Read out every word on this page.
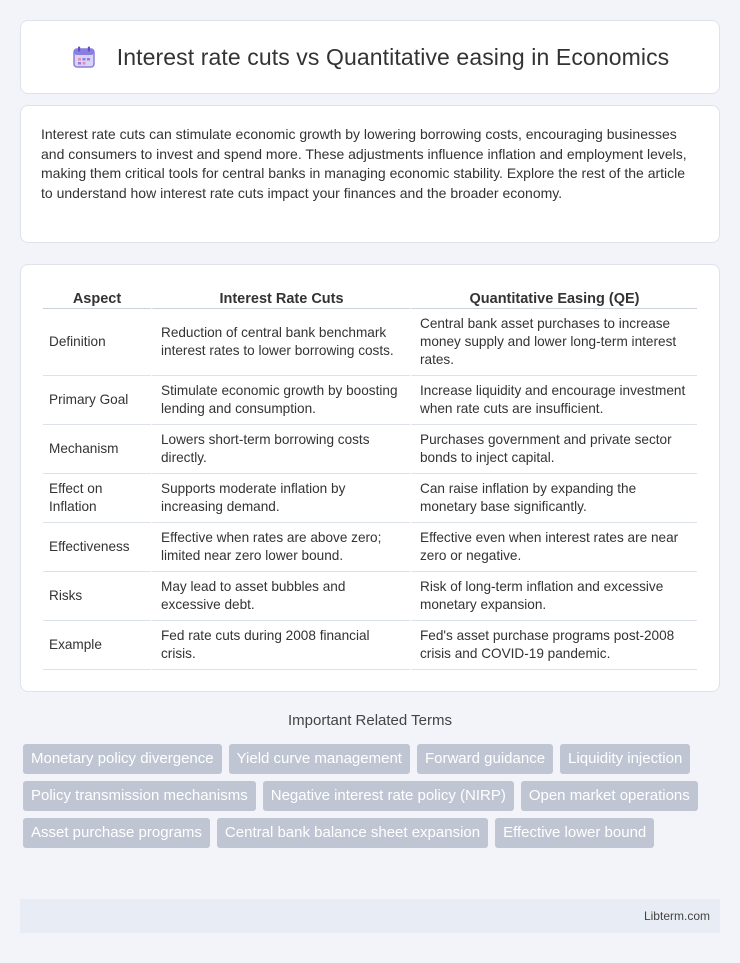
Interest rate cuts vs Quantitative easing in Economics

Interest rate cuts can stimulate economic growth by lowering borrowing costs, encouraging businesses and consumers to invest and spend more. These adjustments influence inflation and employment levels, making them critical tools for central banks in managing economic stability. Explore the rest of the article to understand how interest rate cuts impact your finances and the broader economy.

Aspect	Interest Rate Cuts	Quantitative Easing (QE)
Definition	Reduction of central bank benchmark interest rates to lower borrowing costs.	Central bank asset purchases to increase money supply and lower long-term interest rates.
Primary Goal	Stimulate economic growth by boosting lending and consumption.	Increase liquidity and encourage investment when rate cuts are insufficient.
Mechanism	Lowers short-term borrowing costs directly.	Purchases government and private sector bonds to inject capital.
Effect on Inflation	Supports moderate inflation by increasing demand.	Can raise inflation by expanding the monetary base significantly.
Effectiveness	Effective when rates are above zero; limited near zero lower bound.	Effective even when interest rates are near zero or negative.
Risks	May lead to asset bubbles and excessive debt.	Risk of long-term inflation and excessive monetary expansion.
Example	Fed rate cuts during 2008 financial crisis.	Fed's asset purchase programs post-2008 crisis and COVID-19 pandemic.
Important Related Terms
Monetary policy divergence	Yield curve management	Forward guidance	Liquidity injection
Policy transmission mechanisms	Negative interest rate policy (NIRP)	Open market operations
Asset purchase programs	Central bank balance sheet expansion	Effective lower bound
Libterm.com
